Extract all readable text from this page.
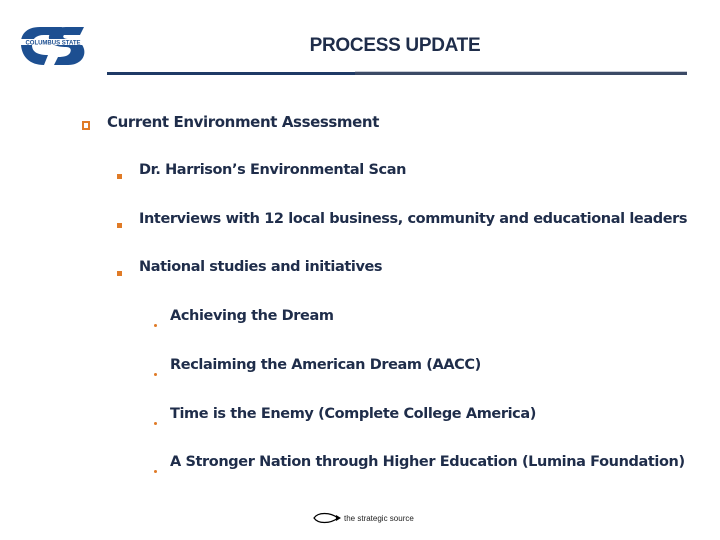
COLUMBUS STATE	PROCESS UPDATE
Current Environment Assessment
Dr. Harrison’s Environmental Scan
Interviews with 12 local business, community and educational leaders
National studies and initiatives
Achieving the Dream
Reclaiming the American Dream (AACC)
Time is the Enemy (Complete College America)
A Stronger Nation through Higher Education (Lumina Foundation)
the strategic source
